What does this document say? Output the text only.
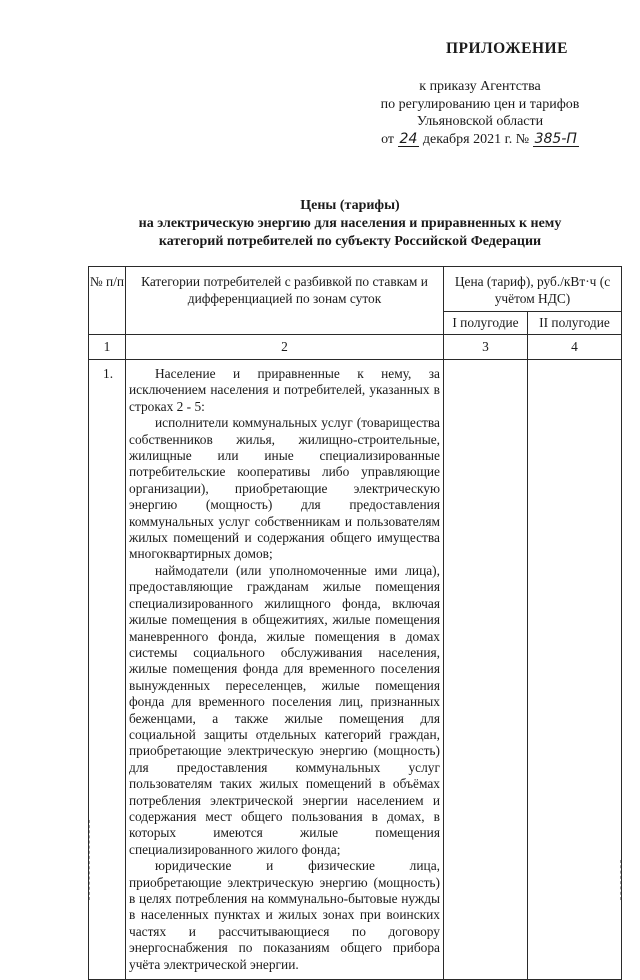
ПРИЛОЖЕНИЕ
к приказу Агентства
по регулированию цен и тарифов
Ульяновской области
от 24 декабря 2021 г. № 385-П
Цены (тарифы)
на электрическую энергию для населения и приравненных к нему
категорий потребителей по субъекту Российской Федерации
№ п/п	Категории потребителей с разбивкой по ставкам и дифференциацией по зонам суток	Цена (тариф), руб./кВт·ч (с учётом НДС)	
		I полугодие	II полугодие
1	2	3	4
1.	Население и приравненные к нему, за исключением населения и потребителей, указанных в строках 2 - 5:

исполнители коммунальных услуг (товарищества собственников жилья, жилищно-строительные, жилищные или иные специализированные потребительские кооперативы либо управляющие организации), приобретающие электрическую энергию (мощность) для предоставления коммунальных услуг собственникам и пользователям жилых помещений и содержания общего имущества многоквартирных домов;

наймодатели (или уполномоченные ими лица), предоставляющие гражданам жилые помещения специализированного жилищного фонда, включая жилые помещения в общежитиях, жилые помещения маневренного фонда, жилые помещения в домах системы социального обслуживания населения, жилые помещения фонда для временного поселения вынужденных переселенцев, жилые помещения фонда для временного поселения лиц, признанных беженцами, а также жилые помещения для социальной защиты отдельных категорий граждан, приобретающие электрическую энергию (мощность) для предоставления коммунальных услуг пользователям таких жилых помещений в объёмах потребления электрической энергии населением и содержания мест общего пользования в домах, в которых имеются жилые помещения специализированного жилого фонда;

юридические и физические лица, приобретающие электрическую энергию (мощность) в целях потребления на коммунально-бытовые нужды в населенных пунктах и жилых зонах при воинских частях и рассчитывающиеся по договору энергоснабжения по показаниям общего прибора учёта электрической энергии.		
